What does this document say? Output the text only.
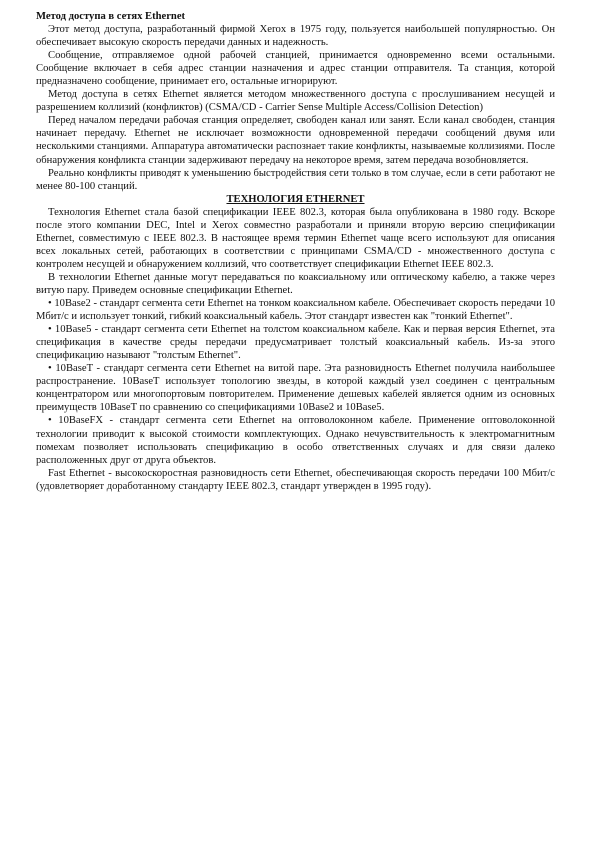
Метод доступа в сетях Ethernet

Этот метод доступа, разработанный фирмой Xerox в 1975 году, пользуется наибольшей популярностью. Он обеспечивает высокую скорость передачи данных и надежность.

Сообщение, отправляемое одной рабочей станцией, принимается одновременно всеми остальными. Сообщение включает в себя адрес станции назначения и адрес станции отправителя. Та станция, которой предназначено сообщение, принимает его, остальные игнорируют.

Метод доступа в сетях Ethernet является методом множественного доступа с прослушиванием несущей и разрешением коллизий (конфликтов) (CSMA/CD - Carrier Sense Multiple Access/Collision Detection)

Перед началом передачи рабочая станция определяет, свободен канал или занят. Если канал свободен, станция начинает передачу. Ethernet не исключает возможности одновременной передачи сообщений двумя или несколькими станциями. Аппаратура автоматически распознает такие конфликты, называемые коллизиями. После обнаружения конфликта станции задерживают передачу на некоторое время, затем передача возобновляется.

Реально конфликты приводят к уменьшению быстродействия сети только в том случае, если в сети работают не менее 80-100 станций.

ТЕХНОЛОГИЯ ETHERNET

Технология Ethernet стала базой спецификации IEEE 802.3, которая была опубликована в 1980 году. Вскоре после этого компании DEC, Intel и Xerox совместно разработали и приняли вторую версию спецификации Ethernet, совместимую с IEEE 802.3. В настоящее время термин Ethernet чаще всего используют для описания всех локальных сетей, работающих в соответствии с принципами CSMA/CD - множественного доступа с контролем несущей и обнаружением коллизий, что соответствует спецификации Ethernet IEEE 802.3.

В технологии Ethernet данные могут передаваться по коаксиальному или оптическому кабелю, а также через витую пару. Приведем основные спецификации Ethernet.

• 10Base2 - стандарт сегмента сети Ethernet на тонком коаксиальном кабеле. Обеспечивает скорость передачи 10 Мбит/с и использует тонкий, гибкий коаксиальный кабель. Этот стандарт известен как "тонкий Ethernet".

• 10Base5 - стандарт сегмента сети Ethernet на толстом коаксиальном кабеле. Как и первая версия Ethernet, эта спецификация в качестве среды передачи предусматривает толстый коаксиальный кабель. Из-за этого спецификацию называют "толстым Ethernet".

• 10BaseT - стандарт сегмента сети Ethernet на витой паре. Эта разновидность Ethernet получила наибольшее распространение. 10BaseT использует топологию звезды, в которой каждый узел соединен с центральным концентратором или многопортовым повторителем. Применение дешевых кабелей является одним из основных преимуществ 10BaseT по сравнению со спецификациями 10Base2 и 10Base5.

• 10BaseFX - стандарт сегмента сети Ethernet на оптоволоконном кабеле. Применение оптоволоконной технологии приводит к высокой стоимости комплектующих. Однако нечувствительность к электромагнитным помехам позволяет использовать спецификацию в особо ответственных случаях и для связи далеко расположенных друг от друга объектов.

Fast Ethernet - высокоскоростная разновидность сети Ethernet, обеспечивающая скорость передачи 100 Мбит/с (удовлетворяет доработанному стандарту IEEE 802.3, стандарт утвержден в 1995 году).
